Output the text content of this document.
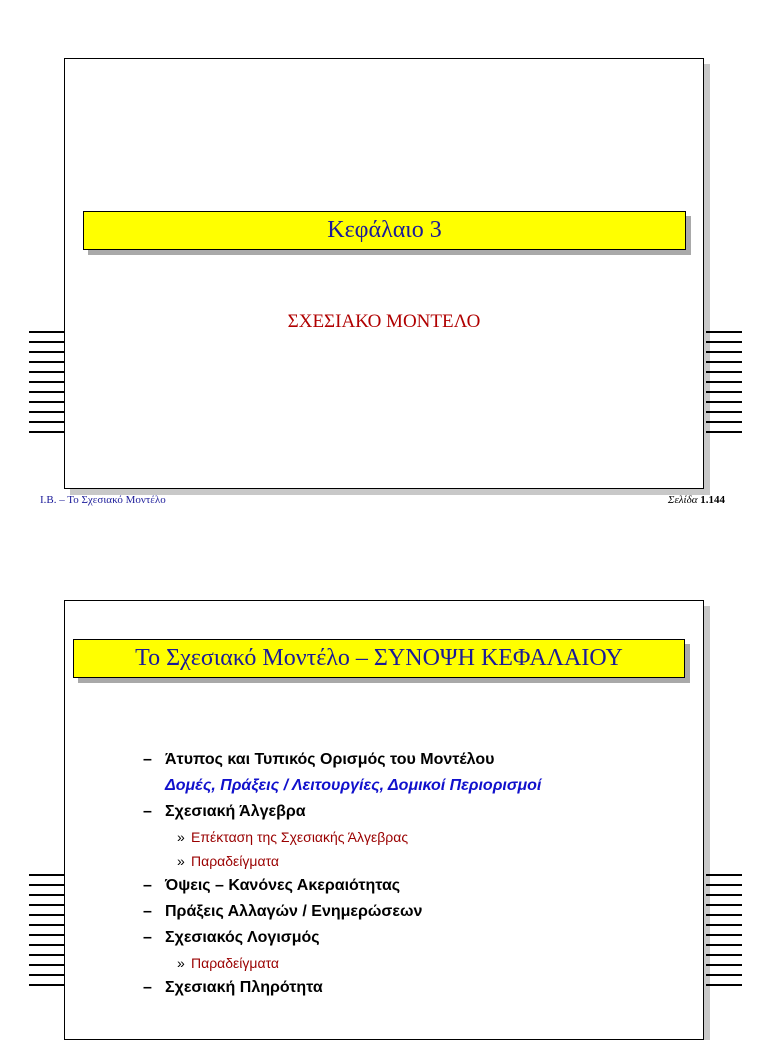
Κεφάλαιο 3
ΣΧΕΣΙΑΚΟ ΜΟΝΤΕΛΟ
Ι.Β. – Το Σχεσιακό Μοντέλο	Σελίδα 1.144
Το Σχεσιακό Μοντέλο – ΣΥΝΟΨΗ ΚΕΦΑΛΑΙΟΥ
– Άτυπος και Τυπικός Ορισμός του Μοντέλου
Δομές, Πράξεις / Λειτουργίες, Δομικοί Περιορισμοί
– Σχεσιακή Άλγεβρα
» Επέκταση της Σχεσιακής Άλγεβρας
» Παραδείγματα
– Όψεις – Κανόνες Ακεραιότητας
– Πράξεις Αλλαγών / Ενημερώσεων
– Σχεσιακός Λογισμός
» Παραδείγματα
– Σχεσιακή Πληρότητα
